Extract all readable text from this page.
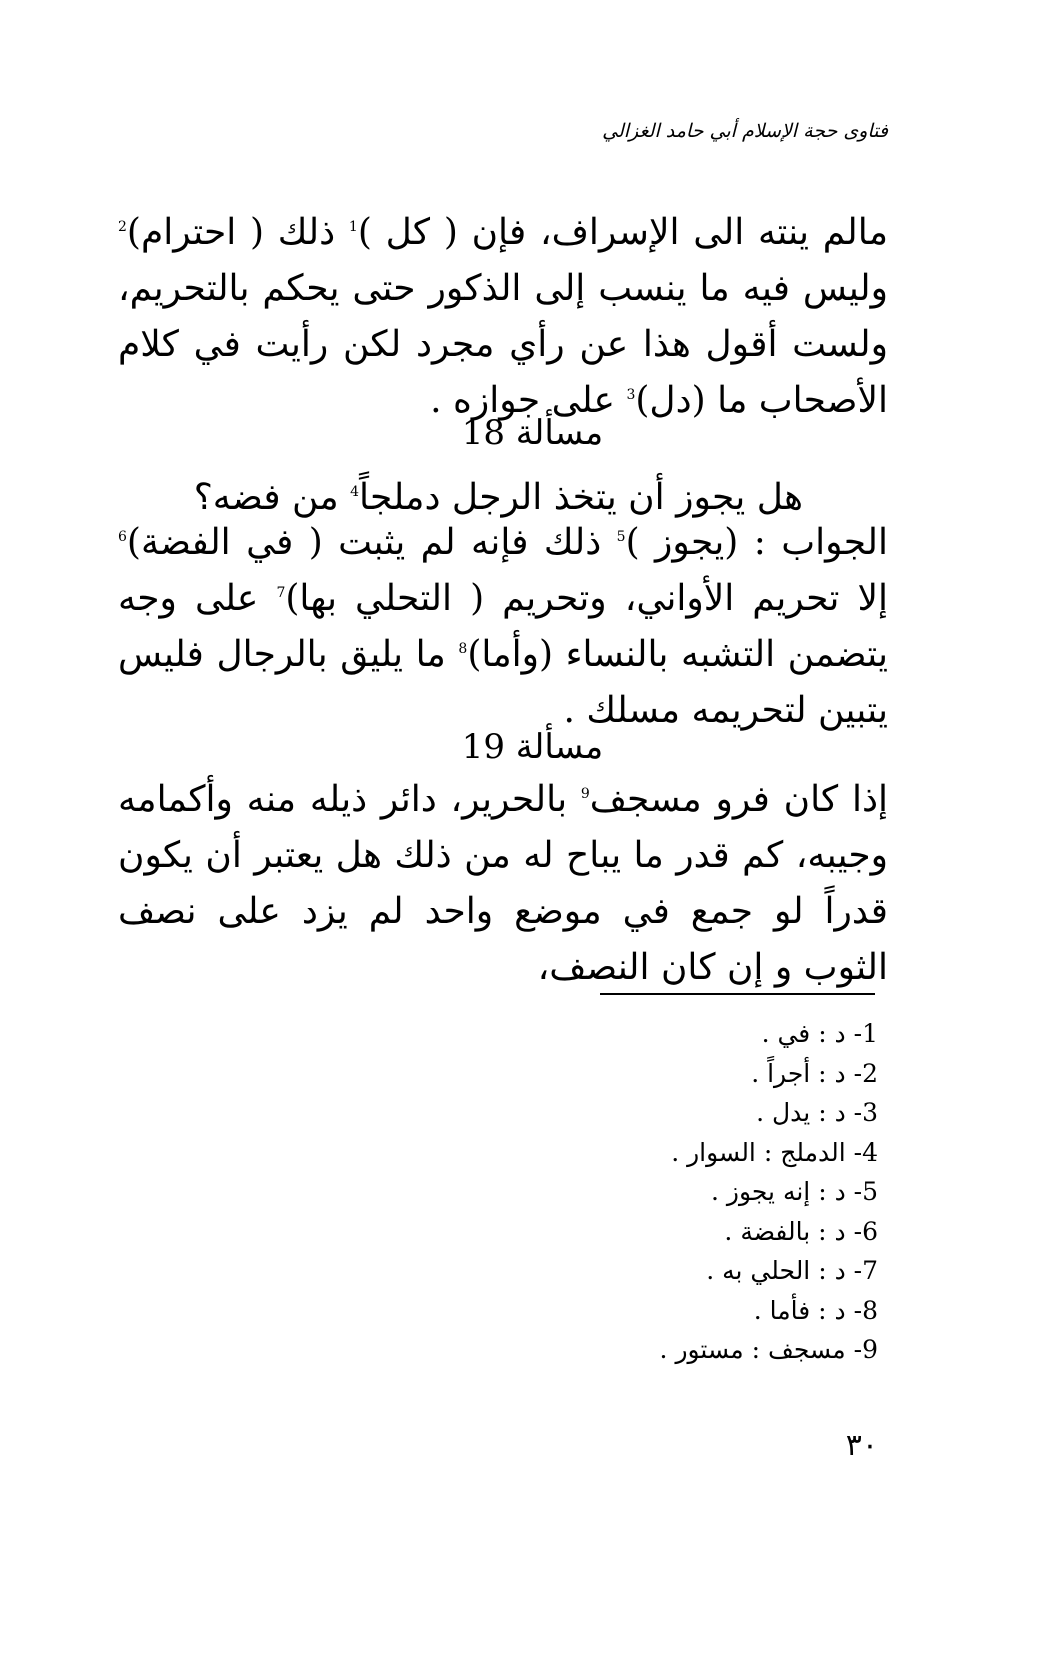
فتاوى حجة الإسلام أبي حامد الغزالي

مالم ينته الى الإسراف، فإن ( كل )$^1$ ذلك ( احترام)$^2$ وليس فيه ما ينسب إلى الذكور حتى يحكم بالتحريم، ولست أقول هذا عن رأي مجرد لكن رأيت في كلام الأصحاب ما (دل)$^3$ على جوازه .

مسألة 18
هل يجوز أن يتخذ الرجل دملجاً$^4$ من فضه؟

الجواب : (يجوز )$^5$ ذلك فإنه لم يثبت ( في الفضة)$^6$ إلا تحريم الأواني، وتحريم ( التحلي بها)$^7$ على وجه يتضمن التشبه بالنساء (وأما)$^8$ ما يليق بالرجال فليس يتبين لتحريمه مسلك .

مسألة 19

إذا كان فرو مسجف$^9$ بالحرير، دائر ذيله منه وأكمامه وجيبه، كم قدر ما يباح له من ذلك هل يعتبر أن يكون قدراً لو جمع في موضع واحد لم يزد على نصف الثوب و إن كان النصف،

1- د : في .
2- د : أجراً .
3- د : يدل .
4- الدملج : السوار .
5- د : إنه يجوز .
6- د : بالفضة .
7- د : الحلي به .
8- د : فأما .
9- مسجف : مستور .
٣٠
